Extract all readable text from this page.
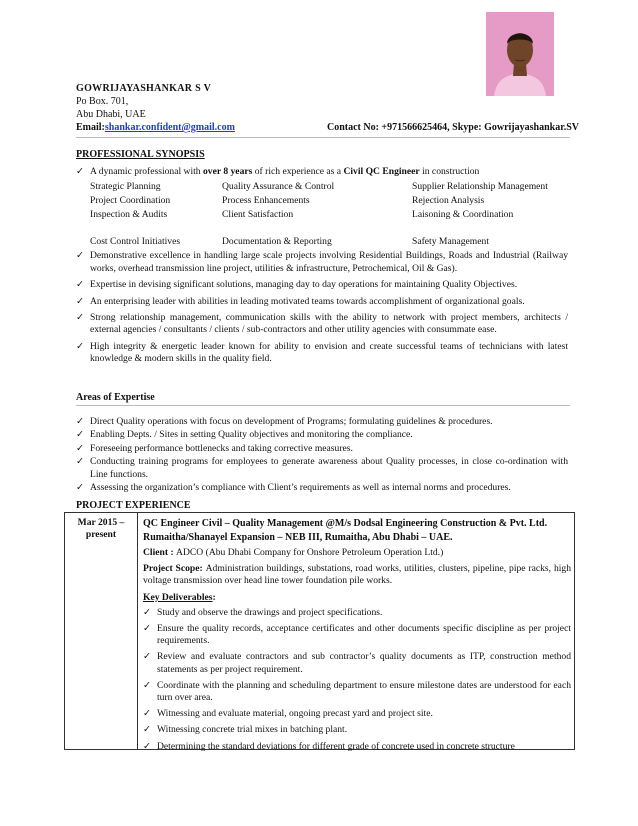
GOWRIJAYASHANKAR S V
Po Box. 701,
Abu Dhabi, UAE
Email: shankar.confident@gmail.com	Contact No: +971566625464, Skype: Gowrijayashankar.SV
PROFESSIONAL SYNOPSIS
✓ A dynamic professional with over 8 years of rich experience as a Civil QC Engineer in construction
Strategic Planning	Quality Assurance & Control	Supplier Relationship Management
Project Coordination	Process Enhancements	Rejection Analysis
Inspection & Audits	Client Satisfaction	Laisoning & Coordination

Cost Control Initiatives	Documentation & Reporting	Safety Management
✓ Demonstrative excellence in handling large scale projects involving Residential Buildings, Roads and Industrial (Railway works, overhead transmission line project, utilities & infrastructure, Petrochemical, Oil & Gas).
✓ Expertise in devising significant solutions, managing day to day operations for maintaining Quality Objectives.
✓ An enterprising leader with abilities in leading motivated teams towards accomplishment of organizational goals.
✓ Strong relationship management, communication skills with the ability to network with project members, architects / external agencies / consultants / clients / sub-contractors and other utility agencies with consummate ease.
✓ High integrity & energetic leader known for ability to envision and create successful teams of technicians with latest knowledge & modern skills in the quality field.
Areas of Expertise
✓ Direct Quality operations with focus on development of Programs; formulating guidelines & procedures.
✓ Enabling Depts. / Sites in setting Quality objectives and monitoring the compliance.
✓ Foreseeing performance bottlenecks and taking corrective measures.
✓ Conducting training programs for employees to generate awareness about Quality processes, in close co-ordination with Line functions.
✓ Assessing the organization’s compliance with Client’s requirements as well as internal norms and procedures.
PROJECT EXPERIENCE
Mar 2015 – present
QC Engineer Civil – Quality Management @M/s Dodsal Engineering Construction & Pvt. Ltd.
Rumaitha/Shanayel Expansion – NEB III, Rumaitha, Abu Dhabi – UAE.

Client : ADCO (Abu Dhabi Company for Onshore Petroleum Operation Ltd.)

Project Scope: Administration buildings, substations, road works, utilities, clusters, pipeline, pipe racks, high voltage transmission over head line tower foundation pile works.

Key Deliverables:

✓ Study and observe the drawings and project specifications.
✓ Ensure the quality records, acceptance certificates and other documents specific discipline as per project requirements.
✓ Review and evaluate contractors and sub contractor’s quality documents as ITP, construction method statements as per project requirement.
✓ Coordinate with the planning and scheduling department to ensure milestone dates are understood for each turn over area.
✓ Witnessing and evaluate material, ongoing precast yard and project site.
✓ Witnessing concrete trial mixes in batching plant.
✓ Determining the standard deviations for different grade of concrete used in concrete structure
